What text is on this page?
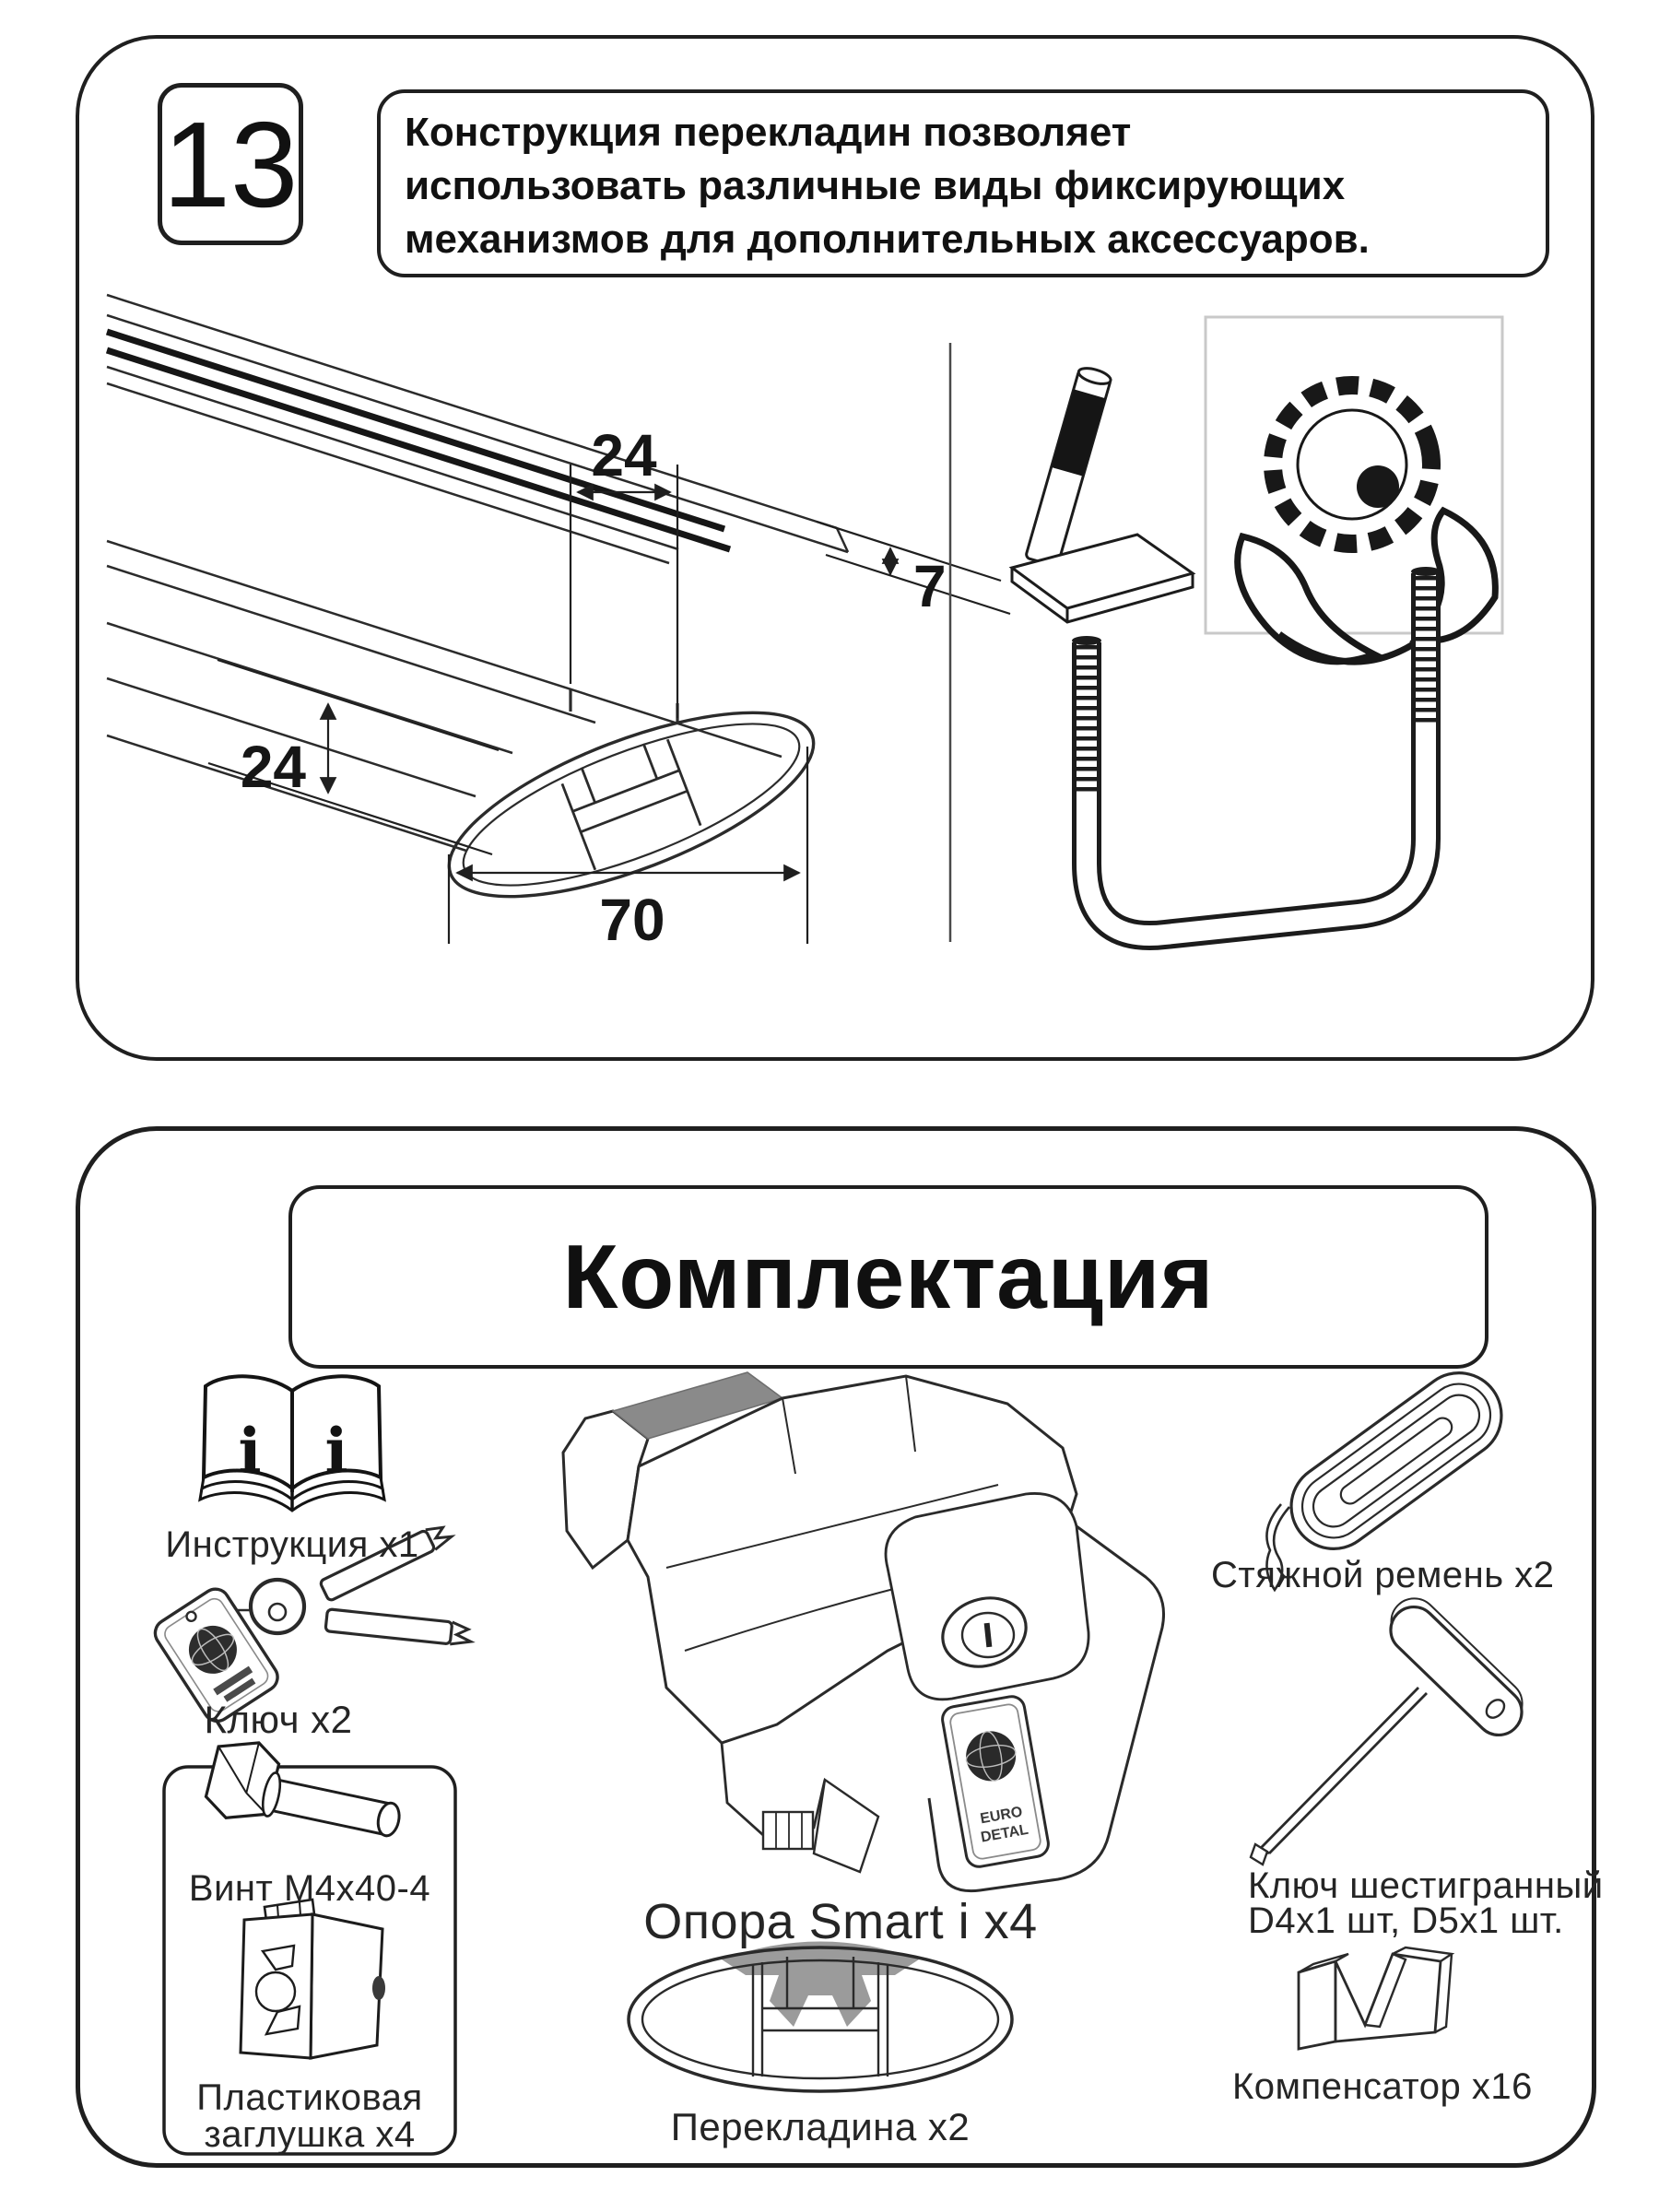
13	Конструкция перекладин позволяет
использовать различные виды фиксирующих
механизмов для дополнительных аксессуаров.
24
7
24
70
Комплектация
i i
EURO
DETAL
Инструкция x1
Ключ x2
Винт M4x40-4
Пластиковая
заглушка x4
Опора Smart i x4
Перекладина x2
Стяжной ремень x2
Ключ шестигранный
D4x1 шт, D5x1 шт.
Компенсатор x16
